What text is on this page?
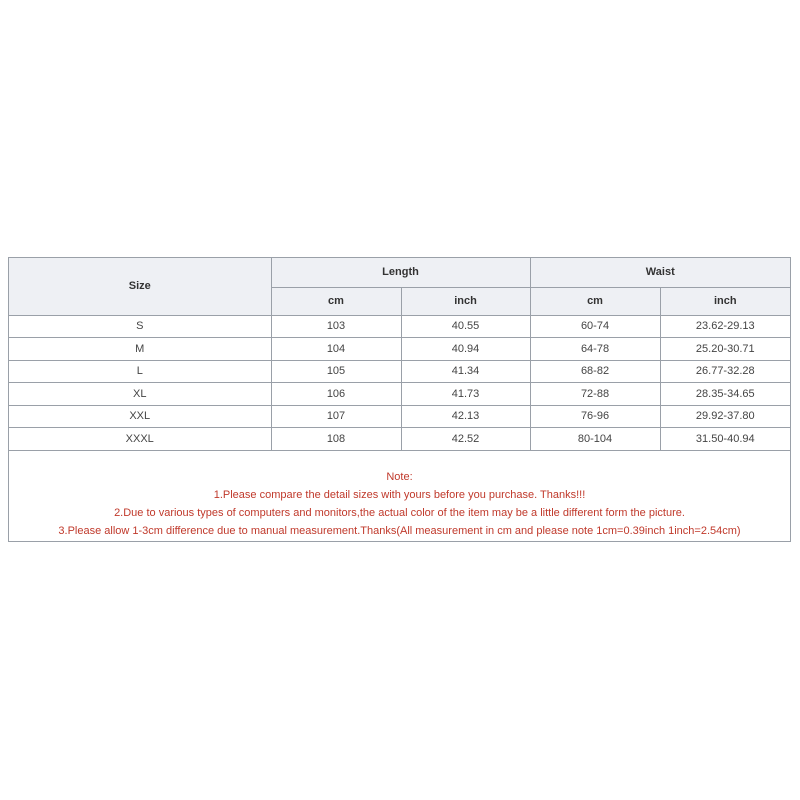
Size	Length		Waist	
	cm	inch	cm	inch
S	103	40.55	60-74	23.62-29.13
M	104	40.94	64-78	25.20-30.71
L	105	41.34	68-82	26.77-32.28
XL	106	41.73	72-88	28.35-34.65
XXL	107	42.13	76-96	29.92-37.80
XXXL	108	42.52	80-104	31.50-40.94
Note:
1.Please compare the detail sizes with yours before you purchase. Thanks!!!
2.Due to various types of computers and monitors,the actual color of the item may be a little different form the picture.
3.Please allow 1-3cm difference due to manual measurement.Thanks(All measurement in cm and please note 1cm=0.39inch 1inch=2.54cm)
